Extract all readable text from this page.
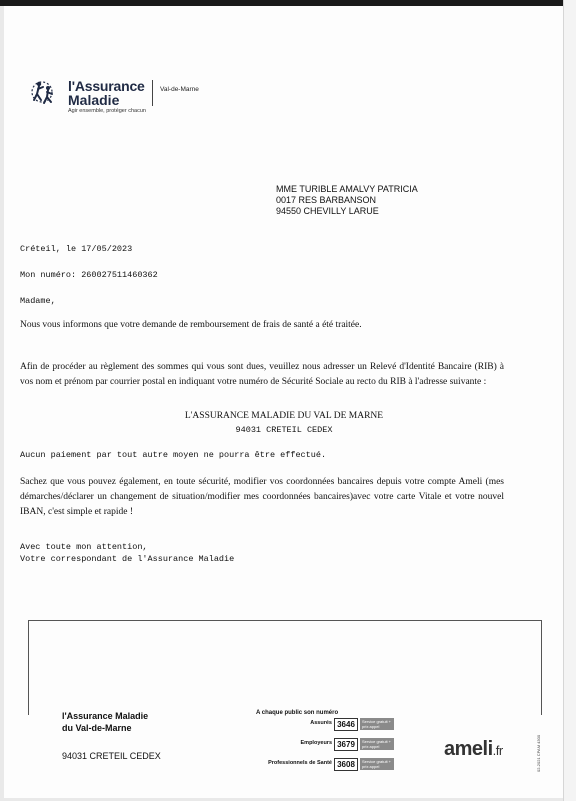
l'Assurance
Maladie
Agir ensemble, protéger chacun
Val-de-Marne
MME TURIBLE AMALVY PATRICIA
0017 RES BARBANSON
94550 CHEVILLY LARUE
Créteil, le 17/05/2023
Mon numéro: 260027511460362
Madame,
Nous vous informons que votre demande de remboursement de frais de santé a été traitée.
Afin de procéder au règlement des sommes qui vous sont dues, veuillez nous adresser un Relevé d'Identité Bancaire (RIB) à vos nom et prénom par courrier postal en indiquant votre numéro de Sécurité Sociale au recto du RIB à l'adresse suivante :
L'ASSURANCE MALADIE DU VAL DE MARNE
94031 CRETEIL CEDEX
Aucun paiement par tout autre moyen ne pourra être effectué.
Sachez que vous pouvez également, en toute sécurité, modifier vos coordonnées bancaires depuis votre compte Ameli (mes démarches/déclarer un changement de situation/modifier mes coordonnées bancaires)avec votre carte Vitale et votre nouvel IBAN, c'est simple et rapide !
Avec toute mon attention,
Votre correspondant de l'Assurance Maladie
l'Assurance Maladie
du Val-de-Marne
94031 CRETEIL CEDEX
A chaque public son numéro
Assurés 3646	Service gratuit + prix appel
Employeurs 3679	Service gratuit + prix appel
Professionnels de Santé 3608	Service gratuit + prix appel
ameli.fr	02-2021 CPAM 4300
